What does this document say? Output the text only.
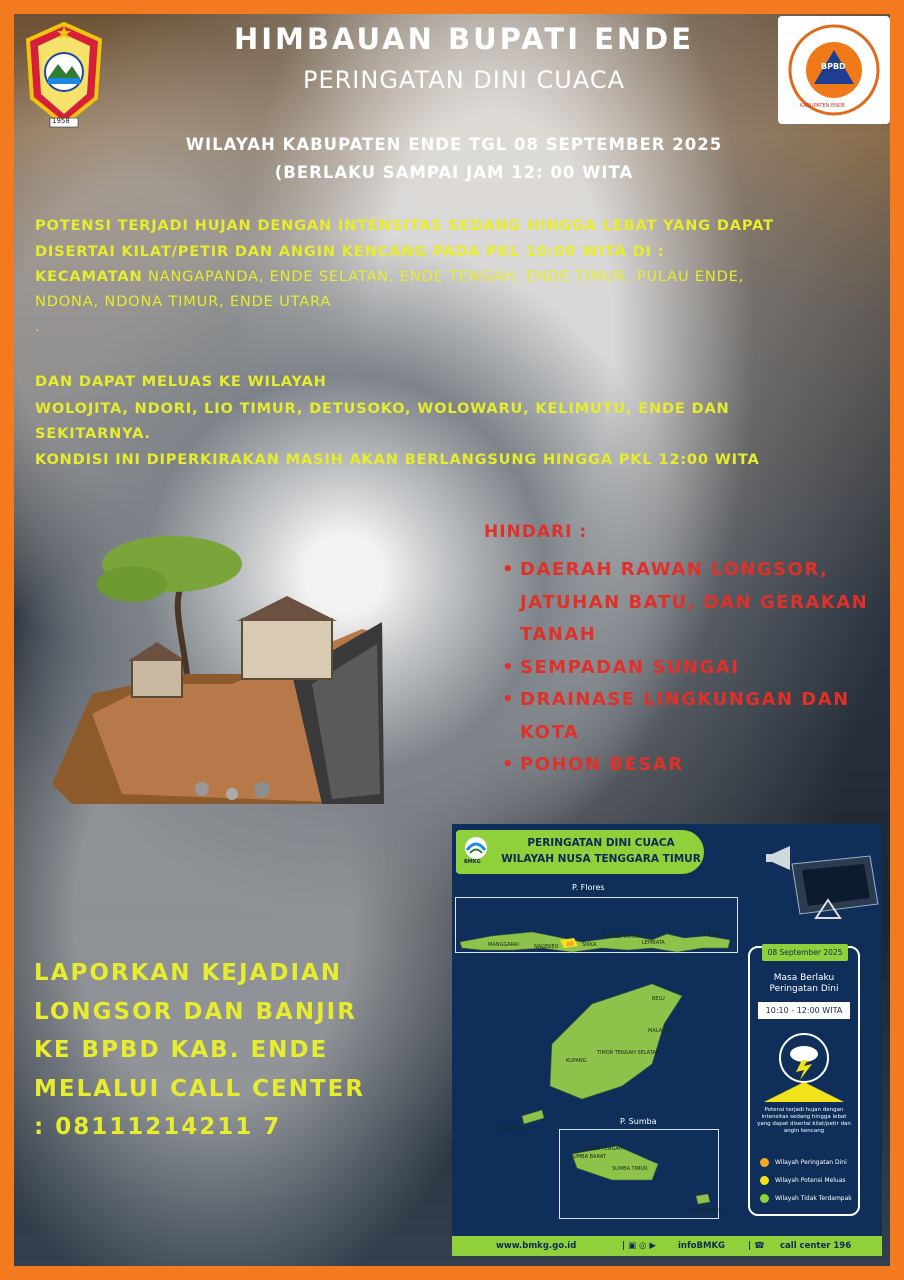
1958
BPBD
KABUPATEN ENDE
HIMBAUAN BUPATI ENDE
PERINGATAN DINI CUACA
WILAYAH KABUPATEN ENDE TGL 08 SEPTEMBER 2025
(BERLAKU SAMPAI JAM 12: 00 WITA
POTENSI TERJADI HUJAN DENGAN INTENSITAS SEDANG HINGGA LEBAT YANG DAPAT
DISERTAI KILAT/PETIR DAN ANGIN KENCANG PADA PKL 10:00 WITA DI :
KECAMATAN NANGAPANDA, ENDE SELATAN, ENDE TENGAH, ENDE TIMUR, PULAU ENDE,
NDONA, NDONA TIMUR, ENDE UTARA
.
DAN DAPAT MELUAS KE WILAYAH
WOLOJITA, NDORI, LIO TIMUR, DETUSOKO, WOLOWARU, KELIMUTU, ENDE DAN
SEKITARNYA.
KONDISI INI DIPERKIRAKAN MASIH AKAN BERLANGSUNG HINGGA PKL 12:00 WITA
HINDARI :
• DAERAH RAWAN LONGSOR, JATUHAN BATU, DAN GERAKAN TANAH
• SEMPADAN SUNGAI
• DRAINASE LINGKUNGAN DAN KOTA
• POHON BESAR
LAPORKAN KEJADIAN LONGSOR DAN BANJIR KE BPBD KAB. ENDE MELALUI CALL CENTER : 08111214211 7
BMKG
PERINGATAN DINI CUACA
WILAYAH NUSA TENGGARA TIMUR
P. Flores
P. Sumba
MANGGARAI	NAGEKEO	SIKKA
FLORES TIMUR
LEMBATA
ALOR
BELU
MALAKA
KUPANG
TIMOR TENGAH SELATAN
ROTE NDAO
SUMBA TENGAH
SUMBA BARAT
SUMBA TIMUR
SABU RAIJUA
08 September 2025
Masa Berlaku
Peringatan Dini
10:10 - 12:00 WITA
Potensi terjadi hujan dengan intensitas sedang hingga lebat yang dapat disertai kilat/petir dan angin kencang
Wilayah Peringatan Dini
Wilayah Potensi Meluas
Wilayah Tidak Terdampak
www.bmkg.go.id	| ▣ ◎ ▶	infoBMKG	| ☎ call center 196
